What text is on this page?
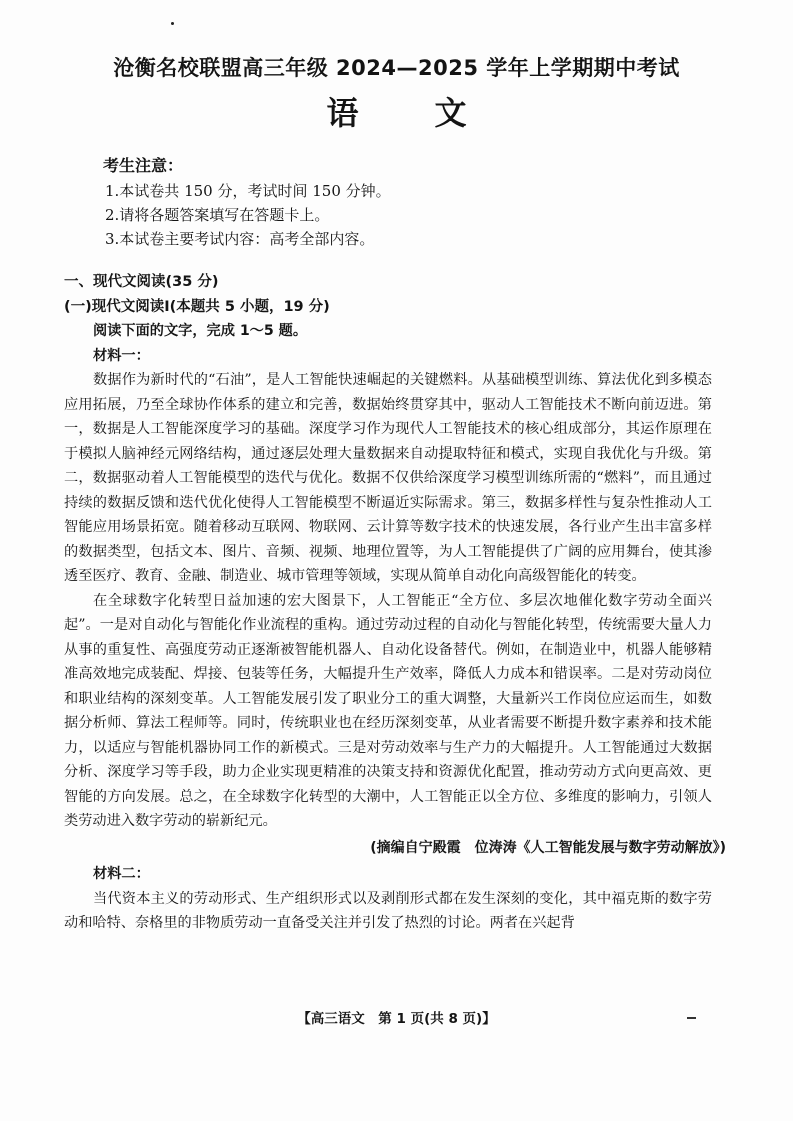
沧衡名校联盟高三年级 2024—2025 学年上学期期中考试
语文
考生注意：
1.本试卷共 150 分，考试时间 150 分钟。
2.请将各题答案填写在答题卡上。
3.本试卷主要考试内容：高考全部内容。
一、现代文阅读(35 分)
(一)现代文阅读Ⅰ(本题共 5 小题，19 分)
阅读下面的文字，完成 1～5 题。
材料一：

数据作为新时代的“石油”，是人工智能快速崛起的关键燃料。从基础模型训练、算法优化到多模态应用拓展，乃至全球协作体系的建立和完善，数据始终贯穿其中，驱动人工智能技术不断向前迈进。第一，数据是人工智能深度学习的基础。深度学习作为现代人工智能技术的核心组成部分，其运作原理在于模拟人脑神经元网络结构，通过逐层处理大量数据来自动提取特征和模式，实现自我优化与升级。第二，数据驱动着人工智能模型的迭代与优化。数据不仅供给深度学习模型训练所需的“燃料”，而且通过持续的数据反馈和迭代优化使得人工智能模型不断逼近实际需求。第三，数据多样性与复杂性推动人工智能应用场景拓宽。随着移动互联网、物联网、云计算等数字技术的快速发展，各行业产生出丰富多样的数据类型，包括文本、图片、音频、视频、地理位置等，为人工智能提供了广阔的应用舞台，使其渗透至医疗、教育、金融、制造业、城市管理等领域，实现从简单自动化向高级智能化的转变。

在全球数字化转型日益加速的宏大图景下，人工智能正“全方位、多层次地催化数字劳动全面兴起”。一是对自动化与智能化作业流程的重构。通过劳动过程的自动化与智能化转型，传统需要大量人力从事的重复性、高强度劳动正逐渐被智能机器人、自动化设备替代。例如，在制造业中，机器人能够精准高效地完成装配、焊接、包装等任务，大幅提升生产效率，降低人力成本和错误率。二是对劳动岗位和职业结构的深刻变革。人工智能发展引发了职业分工的重大调整，大量新兴工作岗位应运而生，如数据分析师、算法工程师等。同时，传统职业也在经历深刻变革，从业者需要不断提升数字素养和技术能力，以适应与智能机器协同工作的新模式。三是对劳动效率与生产力的大幅提升。人工智能通过大数据分析、深度学习等手段，助力企业实现更精准的决策支持和资源优化配置，推动劳动方式向更高效、更智能的方向发展。总之，在全球数字化转型的大潮中，人工智能正以全方位、多维度的影响力，引领人类劳动进入数字劳动的崭新纪元。

(摘编自宁殿霞　位涛涛《人工智能发展与数字劳动解放》)
材料二：

当代资本主义的劳动形式、生产组织形式以及剥削形式都在发生深刻的变化，其中福克斯的数字劳动和哈特、奈格里的非物质劳动一直备受关注并引发了热烈的讨论。两者在兴起背

【高三语文　第 1 页(共 8 页)】
